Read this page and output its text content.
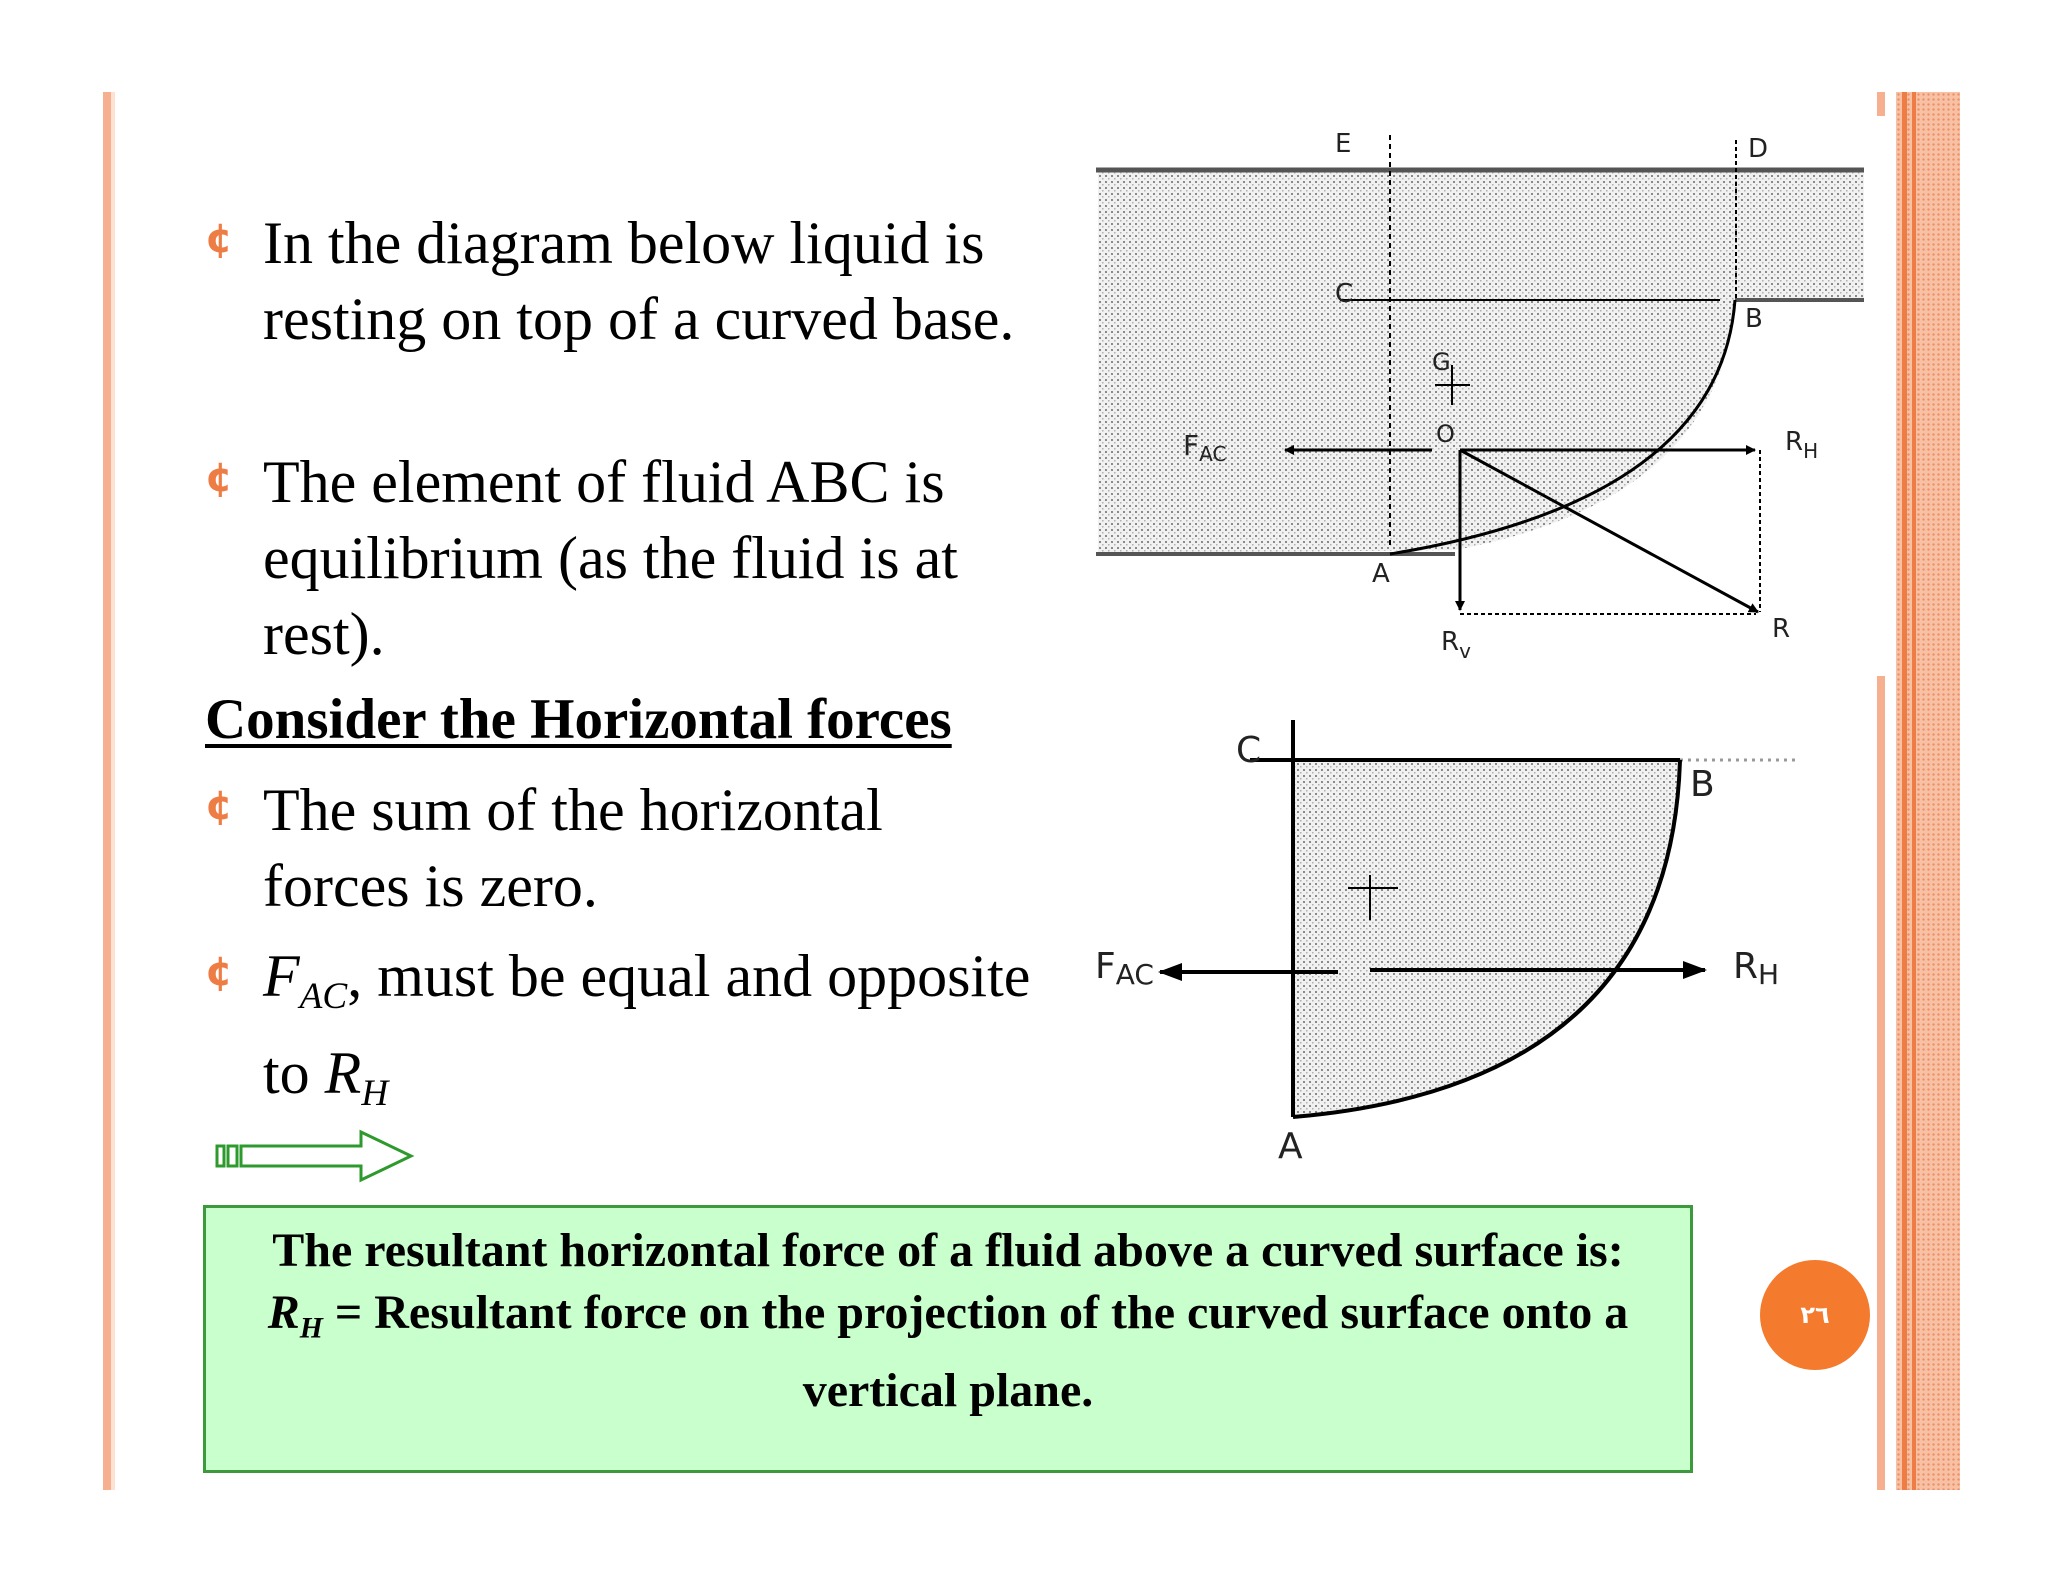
¢ In the diagram below liquid is resting on top of a curved base.
¢ The element of fluid ABC is equilibrium (as the fluid is at rest).
Consider the Horizontal forces
¢ The sum of the horizontal forces is zero.
¢ $F_{AC}$, must be equal and opposite to $R_H$
The resultant horizontal force of a fluid above a curved surface is:
$R_H$ = Resultant force on the projection of the curved surface onto a vertical plane.
٢٦
E	D
C
B
G
O
A
$F_{AC}$	$R_H$
$R_v$
R
C
B
A
FAC	RH
